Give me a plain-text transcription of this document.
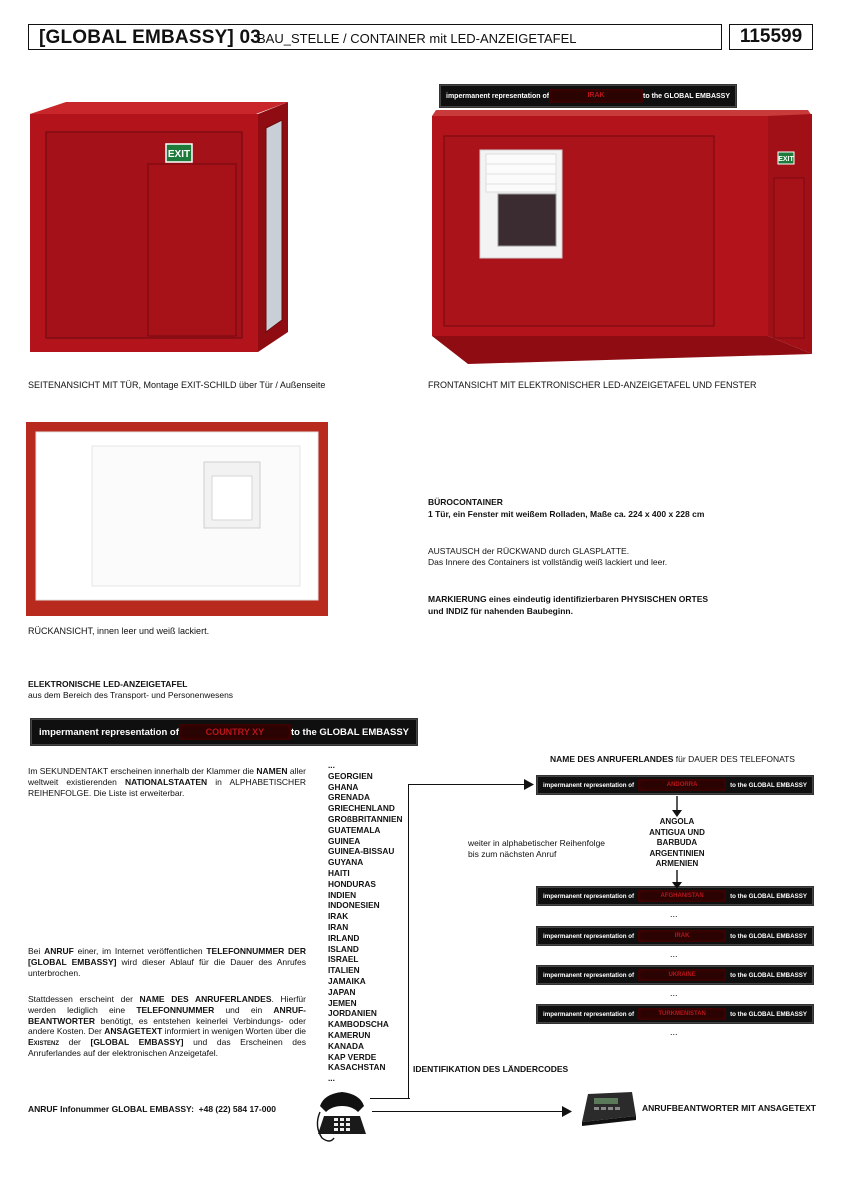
[GLOBAL EMBASSY] 03
BAU_STELLE / CONTAINER mit LED-ANZEIGETAFEL	115599
EXIT
SEITENANSICHT MIT TÜR, Montage EXIT-SCHILD über Tür / Außenseite
impermanent representation of	IRAK	to the GLOBAL EMBASSY
EXIT
FRONTANSICHT MIT ELEKTRONISCHER LED-ANZEIGETAFEL UND FENSTER
RÜCKANSICHT, innen leer und weiß lackiert.
BÜROCONTAINER
1 Tür, ein Fenster mit weißem Rolladen, Maße ca. 224 x 400 x 228 cm
AUSTAUSCH der RÜCKWAND durch GLASPLATTE.
Das Innere des Containers ist vollständig weiß lackiert und leer.
MARKIERUNG eines eindeutig identifizierbaren PHYSISCHEN ORTES
und INDIZ für nahenden Baubeginn.
ELEKTRONISCHE LED-ANZEIGETAFEL
aus dem Bereich des Transport- und Personenwesens
impermanent representation of	COUNTRY XY	to the GLOBAL EMBASSY
Im SEKUNDENTAKT erscheinen innerhalb der Klammer die NAMEN aller weltweit existierenden NATIONALSTAATEN in ALPHABETISCHER REIHENFOLGE. Die Liste ist erweiterbar.
Bei ANRUF einer, im Internet veröffentlichen TELEFONNUMMER DER [GLOBAL EMBASSY] wird dieser Ablauf für die Dauer des Anrufes unterbrochen.
Stattdessen erscheint der NAME DES ANRUFERLANDES. Hierfür werden lediglich eine TELEFONNUMMER und ein ANRUF-BEANTWORTER benötigt, es entstehen keinerlei Verbindungs- oder andere Kosten. Der ANSAGETEXT informiert in wenigen Worten über die Existenz der [GLOBAL EMBASSY] und das Erscheinen des Anruferlandes auf der elektronischen Anzeigetafel.
...
GEORGIEN
GHANA
GRENADA
GRIECHENLAND
GROßBRITANNIEN
GUATEMALA
GUINEA
GUINEA-BISSAU
GUYANA
HAITI
HONDURAS
INDIEN
INDONESIEN
IRAK
IRAN
IRLAND
ISLAND
ISRAEL
ITALIEN
JAMAIKA
JAPAN
JEMEN
JORDANIEN
KAMBODSCHA
KAMERUN
KANADA
KAP VERDE
KASACHSTAN
...
NAME DES ANRUFERLANDES für DAUER DES TELEFONATS
impermanent representation of	ANDORRA	to the GLOBAL EMBASSY
impermanent representation of	AFGHANISTAN	to the GLOBAL EMBASSY
...
impermanent representation of	IRAK	to the GLOBAL EMBASSY
...
impermanent representation of	UKRAINE	to the GLOBAL EMBASSY
...
impermanent representation of	TURKMENISTAN	to the GLOBAL EMBASSY
...
weiter in alphabetischer Reihenfolge
bis zum nächsten Anruf
ANGOLA
ANTIGUA UND
BARBUDA
ARGENTINIEN
ARMENIEN
IDENTIFIKATION DES LÄNDERCODES
ANRUF Infonummer GLOBAL EMBASSY: +48 (22) 584 17-000	ANRUFBEANTWORTER MIT ANSAGETEXT
